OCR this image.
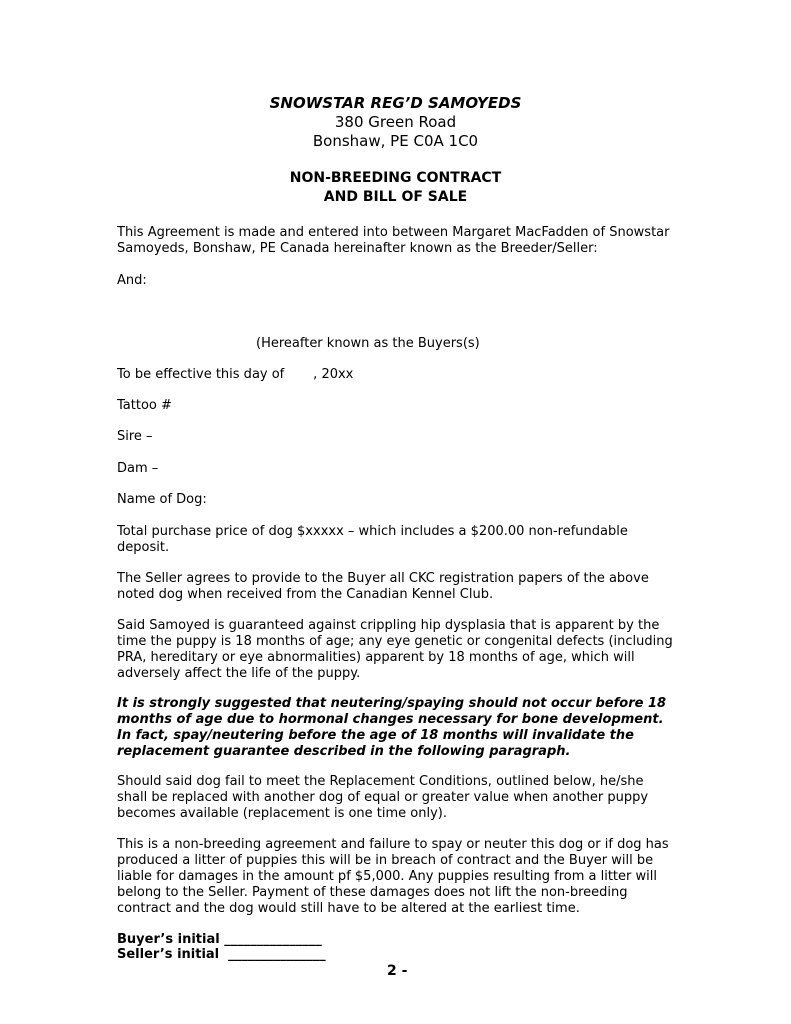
SNOWSTAR REG’D SAMOYEDS
380 Green Road
Bonshaw, PE C0A 1C0
NON-BREEDING CONTRACT
AND BILL OF SALE

This Agreement is made and entered into between Margaret MacFadden of Snowstar Samoyeds, Bonshaw, PE Canada hereinafter known as the Breeder/Seller:

And:

(Hereafter known as the Buyers(s)

To be effective this day of       , 20xx

Tattoo #

Sire –

Dam –

Name of Dog:

Total purchase price of dog $xxxxx – which includes a $200.00 non-refundable deposit.

The Seller agrees to provide to the Buyer all CKC registration papers of the above noted dog when received from the Canadian Kennel Club.

Said Samoyed is guaranteed against crippling hip dysplasia that is apparent by the time the puppy is 18 months of age; any eye genetic or congenital defects (including PRA, hereditary or eye abnormalities) apparent by 18 months of age, which will adversely affect the life of the puppy.

It is strongly suggested that neutering/spaying should not occur before 18 months of age due to hormonal changes necessary for bone development. In fact, spay/neutering before the age of 18 months will invalidate the replacement guarantee described in the following paragraph.

Should said dog fail to meet the Replacement Conditions, outlined below, he/she shall be replaced with another dog of equal or greater value when another puppy becomes available (replacement is one time only).

This is a non-breeding agreement and failure to spay or neuter this dog or if dog has produced a litter of puppies this will be in breach of contract and the Buyer will be liable for damages in the amount pf $5,000. Any puppies resulting from a litter will belong to the Seller. Payment of these damages does not lift the non-breeding contract and the dog would still have to be altered at the earliest time.

Buyer’s initial _______________
Seller’s initial  _______________
2 -
